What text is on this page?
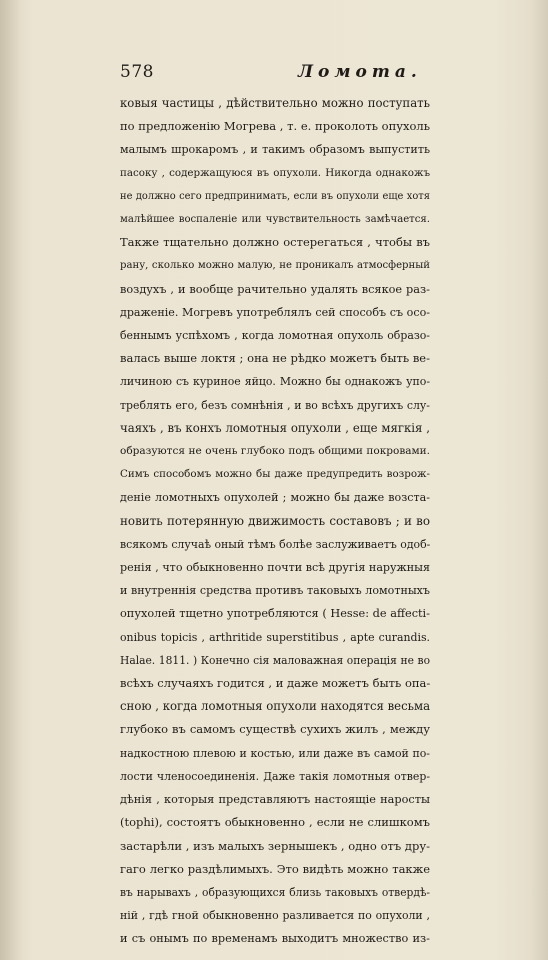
578	Ломота.
ковыя частицы , дѣйствительно можно поступать
по предложенію Могрева , т. е. проколоть опухоль
малымъ шрокаромъ , и такимъ образомъ выпустить
пасоку , содержащуюся въ опухоли. Никогда однакожъ
не должно сего предпринимать, если въ опухоли еще хотя
малѣйшее воспаленіе или чувствительность замѣчается.
Также тщательно должно остерегаться , чтобы въ
рану, сколько можно малую, не проникалъ атмосферный
воздухъ , и вообще рачительно удалять всякое раз-
драженіе. Могревъ употреблялъ сей способъ съ осо-
беннымъ успѣхомъ , когда ломотная опухоль образо-
валась выше локтя ; она не рѣдко можетъ быть ве-
личиною съ куриное яйцо. Можно бы однакожъ упо-
треблять его, безъ сомнѣнія , и во всѣхъ другихъ слу-
чаяхъ , въ конхъ ломотныя опухоли , еще мягкія ,
образуются не очень глубоко подъ общими покровами.
Симъ способомъ можно бы даже предупредить возрож-
деніе ломотныхъ опухолей ; можно бы даже возста-
новить потерянную движимость составовъ ; и во
всякомъ случаѣ оный тѣмъ болѣе заслуживаетъ одоб-
ренія , что обыкновенно почти всѣ другія наружныя
и внутреннія средства противъ таковыхъ ломотныхъ
опухолей тщетно употребляются ( Hesse: de affecti-
onibus topicis , arthritide superstitibus , apte curandis.
Halae. 1811. ) Конечно сія маловажная операція не во
всѣхъ случаяхъ годится , и даже можетъ быть опа-
сною , когда ломотныя опухоли находятся весьма
глубоко въ самомъ существѣ сухихъ жилъ , между
надкостною плевою и костью, или даже въ самой по-
лости членосоединенія. Даже такія ломотныя отвер-
дѣнія , которыя представляютъ настоящіе наросты
(tophi), состоятъ обыкновенно , если не слишкомъ
застарѣли , изъ малыхъ зернышекъ , одно отъ дру-
гаго легко раздѣлимыхъ. Это видѣть можно также
въ нарывахъ , образующихся близь таковыхъ отвердѣ-
ній , гдѣ гной обыкновенно разливается по опухоли ,
и съ онымъ по временамъ выходитъ множество из-
